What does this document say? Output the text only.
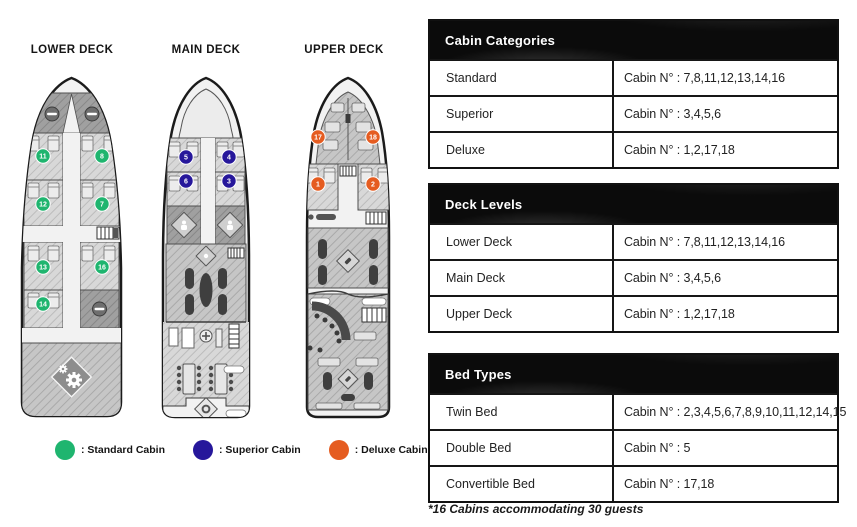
LOWER DECK	MAIN DECK	UPPER DECK
11	8
12	7
13	16
14
5	4
6	3
17	18
1	2
: Standard Cabin	: Superior Cabin	: Deluxe Cabin
Cabin Categories
Standard	Cabin N° : 7,8,11,12,13,14,16
Superior	Cabin N° : 3,4,5,6
Deluxe	Cabin N° : 1,2,17,18
Deck Levels
Lower Deck	Cabin N° : 7,8,11,12,13,14,16
Main Deck	Cabin N° : 3,4,5,6
Upper Deck	Cabin N° : 1,2,17,18
Bed Types
Twin Bed	Cabin N° : 2,3,4,5,6,7,8,9,10,11,12,14,15
Double Bed	Cabin N° : 5
Convertible Bed	Cabin N° : 17,18
*16 Cabins accommodating 30 guests
